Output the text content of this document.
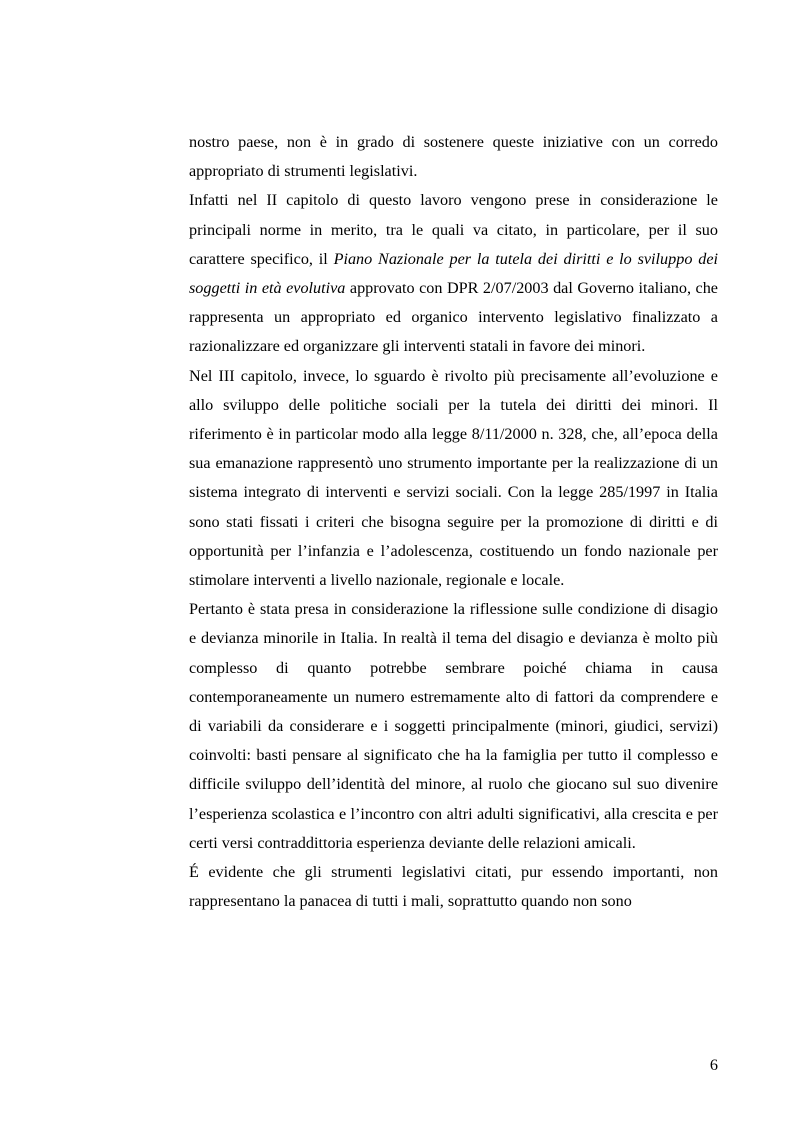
nostro paese, non è in grado di sostenere queste iniziative con un corredo appropriato di strumenti legislativi.

Infatti nel II capitolo di questo lavoro vengono prese in considerazione le principali norme in merito, tra le quali va citato, in particolare, per il suo carattere specifico, il Piano Nazionale per la tutela dei diritti e lo sviluppo dei soggetti in età evolutiva approvato con DPR 2/07/2003 dal Governo italiano, che rappresenta un appropriato ed organico intervento legislativo finalizzato a razionalizzare ed organizzare gli interventi statali in favore dei minori.

Nel III capitolo, invece, lo sguardo è rivolto più precisamente all’evoluzione e allo sviluppo delle politiche sociali per la tutela dei diritti dei minori. Il riferimento è in particolar modo alla legge 8/11/2000 n. 328, che, all’epoca della sua emanazione rappresentò uno strumento importante per la realizzazione di un sistema integrato di interventi e servizi sociali. Con la legge 285/1997 in Italia sono stati fissati i criteri che bisogna seguire per la promozione di diritti e di opportunità per l’infanzia e l’adolescenza, costituendo un fondo nazionale per stimolare interventi a livello nazionale, regionale e locale.

Pertanto è stata presa in considerazione la riflessione sulle condizione di disagio e devianza minorile in Italia. In realtà il tema del disagio e devianza è molto più complesso di quanto potrebbe sembrare poiché chiama in causa contemporaneamente un numero estremamente alto di fattori da comprendere e di variabili da considerare e i soggetti principalmente (minori, giudici, servizi) coinvolti: basti pensare al significato che ha la famiglia per tutto il complesso e difficile sviluppo dell’identità del minore, al ruolo che giocano sul suo divenire l’esperienza scolastica e l’incontro con altri adulti significativi, alla crescita e per certi versi contraddittoria esperienza deviante delle relazioni amicali.

É evidente che gli strumenti legislativi citati, pur essendo importanti, non rappresentano la panacea di tutti i mali, soprattutto quando non sono

6
